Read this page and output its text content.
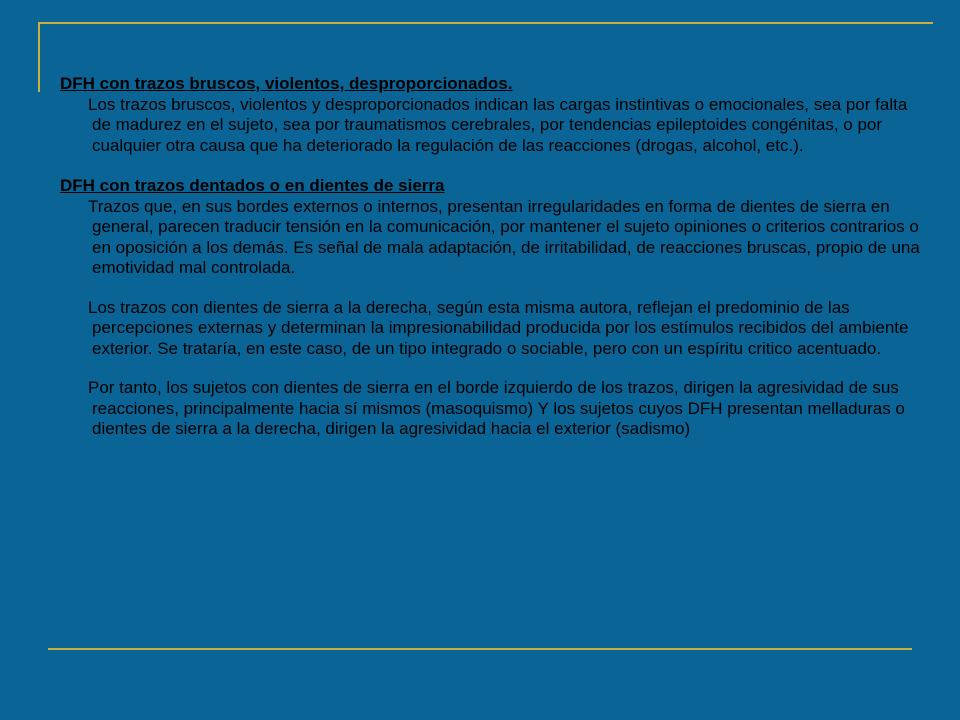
DFH con trazos bruscos, violentos, desproporcionados.

Los trazos bruscos, violentos y desproporcionados indican las cargas instintivas o emocionales, sea por falta de madurez en el sujeto, sea por traumatismos cerebrales, por tendencias epileptoides congénitas, o por cualquier otra causa que ha deteriorado la regulación de las reacciones (drogas, alcohol, etc.).

DFH con trazos dentados o en dientes de sierra

Trazos que, en sus bordes externos o internos, presentan irregularidades en forma de dientes de sierra en general, parecen traducir tensión en la comunicación, por mantener el sujeto opiniones o criterios contrarios o en oposición a los demás. Es señal de mala adaptación, de irritabilidad, de reacciones bruscas, propio de una emotividad mal controlada.

Los trazos con dientes de sierra a la derecha, según esta misma autora, reflejan el predominio de las percepciones externas y determinan la impresionabilidad producida por los estímulos recibidos del ambiente exterior. Se trataría, en este caso, de un tipo integrado o sociable, pero con un espíritu critico acentuado.

Por tanto, los sujetos con dientes de sierra en el borde izquierdo de los trazos, dirigen la agresividad de sus reacciones, principalmente hacia sí mismos (masoquismo) Y los sujetos cuyos DFH presentan melladuras o dientes de sierra a la derecha, dirigen la agresividad hacia el exterior (sadismo)
